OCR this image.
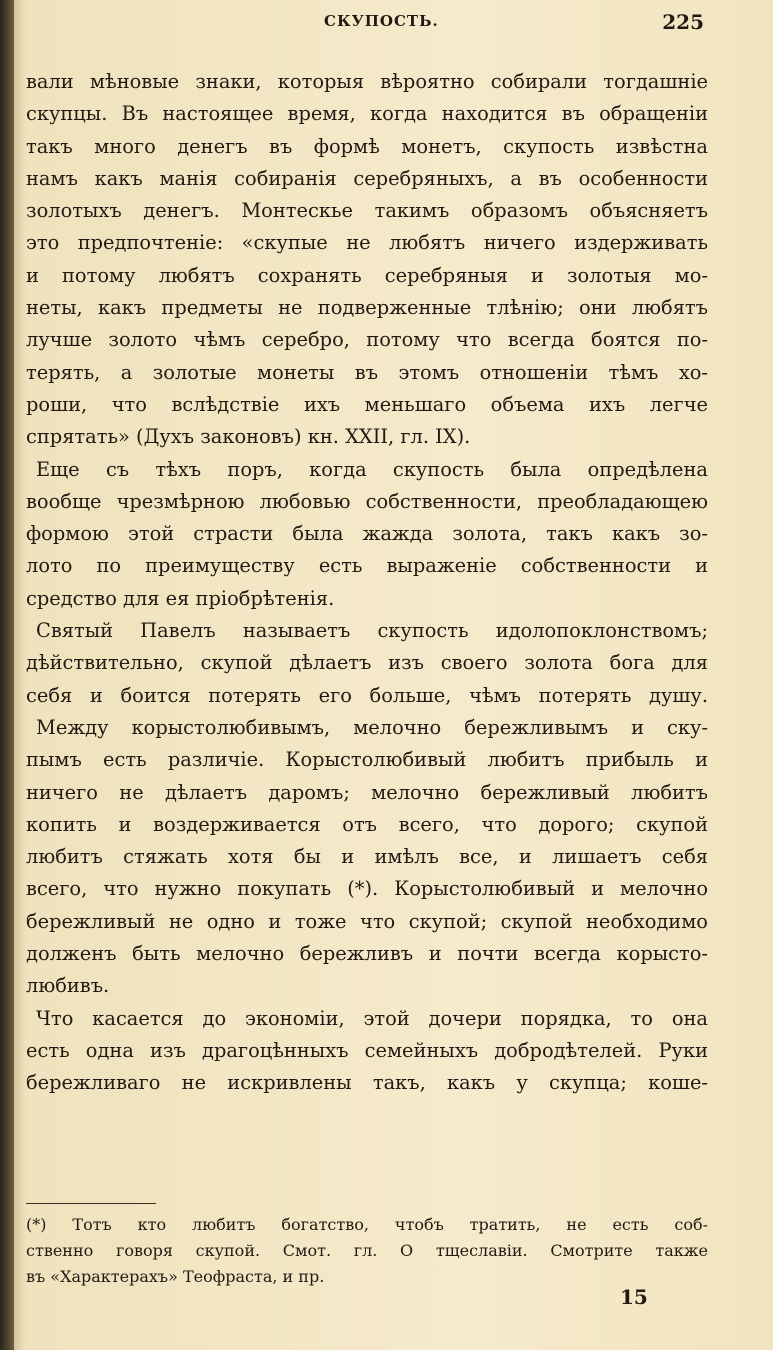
СКУПОСТЬ.	225
вали мѣновые знаки, которыя вѣроятно собирали тогдашніе
скупцы. Въ настоящее время, когда находится въ обращеніи
такъ много денегъ въ формѣ монетъ, скупость извѣстна
намъ какъ манія собиранія серебряныхъ, а въ особенности
золотыхъ денегъ. Монтескье такимъ образомъ объясняетъ
это предпочтеніе: «скупые не любятъ ничего издерживать
и потому любятъ сохранять серебряныя и золотыя мо-
неты, какъ предметы не подверженные тлѣнію; они любятъ
лучше золото чѣмъ серебро, потому что всегда боятся по-
терять, а золотые монеты въ этомъ отношеніи тѣмъ хо-
роши, что вслѣдствіе ихъ меньшаго объема ихъ легче
спрятать» (Духъ законовъ) кн. XXII, гл. IX).
Еще съ тѣхъ поръ, когда скупость была опредѣлена
вообще чрезмѣрною любовью собственности, преобладающею
формою этой страсти была жажда золота, такъ какъ зо-
лото по преимуществу есть выраженіе собственности и
средство для ея пріобрѣтенія.
Святый Павелъ называетъ скупость идолопоклонствомъ;
дѣйствительно, скупой дѣлаетъ изъ своего золота бога для
себя и боится потерять его больше, чѣмъ потерять душу.
Между корыстолюбивымъ, мелочно бережливымъ и ску-
пымъ есть различіе. Корыстолюбивый любитъ прибыль и
ничего не дѣлаетъ даромъ; мелочно бережливый любитъ
копить и воздерживается отъ всего, что дорого; скупой
любитъ стяжать хотя бы и имѣлъ все, и лишаетъ себя
всего, что нужно покупать (*). Корыстолюбивый и мелочно
бережливый не одно и тоже что скупой; скупой необходимо
долженъ быть мелочно бережливъ и почти всегда корысто-
любивъ.
Что касается до экономіи, этой дочери порядка, то она
есть одна изъ драгоцѣнныхъ семейныхъ добродѣтелей. Руки
бережливаго не искривлены такъ, какъ у скупца; коше-
(*) Тотъ кто любитъ богатство, чтобъ тратить, не есть соб-
ственно говоря скупой. Смот. гл. О тщеславіи. Смотрите также
въ «Характерахъ» Теофраста, и пр.
15
